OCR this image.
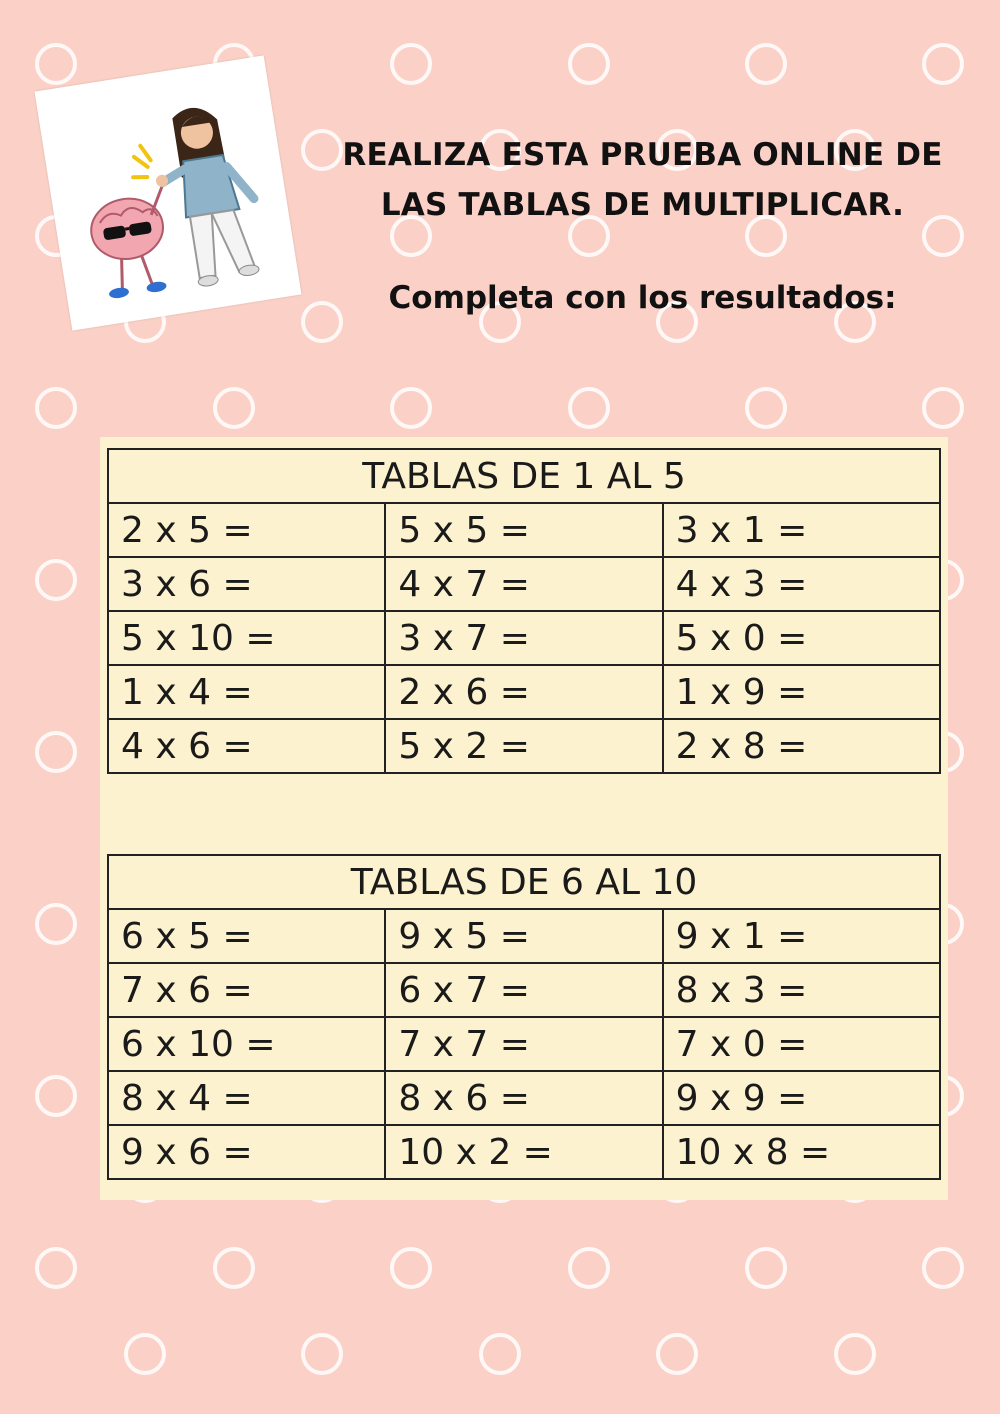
REALIZA ESTA PRUEBA ONLINE DE
LAS TABLAS DE MULTIPLICAR.
Completa con los resultados:
TABLAS DE 1 AL 5		
2 x 5 =	5 x 5 =	3 x 1 =
3 x 6 =	4 x 7 =	4 x 3 =
5 x 10 =	3 x 7 =	5 x 0 =
1 x 4 =	2 x 6 =	1 x 9 =
4 x 6 =	5 x 2 =	2 x 8 =
TABLAS DE 6 AL 10		
6 x 5 =	9 x 5 =	9 x 1 =
7 x 6 =	6 x 7 =	8 x 3 =
6 x 10 =	7 x 7 =	7 x 0 =
8 x 4 =	8 x 6 =	9 x 9 =
9 x 6 =	10 x 2 =	10 x 8 =
